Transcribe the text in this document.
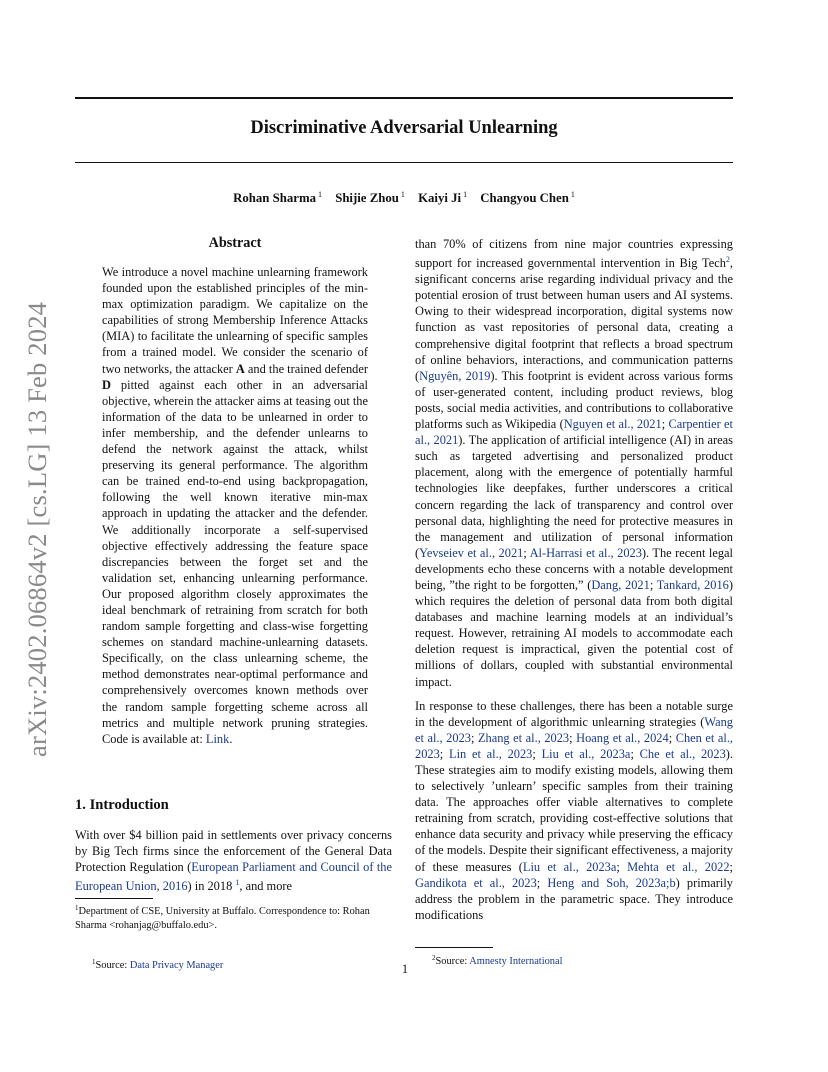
arXiv:2402.06864v2 [cs.LG] 13 Feb 2024
Discriminative Adversarial Unlearning
Rohan Sharma $^1$ Shijie Zhou $^1$ Kaiyi Ji $^1$ Changyou Chen $^1$
Abstract

We introduce a novel machine unlearning framework founded upon the established principles of the min-max optimization paradigm. We capitalize on the capabilities of strong Membership Inference Attacks (MIA) to facilitate the unlearning of specific samples from a trained model. We consider the scenario of two networks, the attacker A and the trained defender D pitted against each other in an adversarial objective, wherein the attacker aims at teasing out the information of the data to be unlearned in order to infer membership, and the defender unlearns to defend the network against the attack, whilst preserving its general performance. The algorithm can be trained end-to-end using backpropagation, following the well known iterative min-max approach in updating the attacker and the defender. We additionally incorporate a self-supervised objective effectively addressing the feature space discrepancies between the forget set and the validation set, enhancing unlearning performance. Our proposed algorithm closely approximates the ideal benchmark of retraining from scratch for both random sample forgetting and class-wise forgetting schemes on standard machine-unlearning datasets. Specifically, on the class unlearning scheme, the method demonstrates near-optimal performance and comprehensively overcomes known methods over the random sample forgetting scheme across all metrics and multiple network pruning strategies. Code is available at: Link.

1. Introduction

With over $4 billion paid in settlements over privacy concerns by Big Tech firms since the enforcement of the General Data Protection Regulation (European Parliament and Council of the European Union, 2016) in 2018 $^1$, and more

than 70% of citizens from nine major countries expressing support for increased governmental intervention in Big Tech$^2$, significant concerns arise regarding individual privacy and the potential erosion of trust between human users and AI systems. Owing to their widespread incorporation, digital systems now function as vast repositories of personal data, creating a comprehensive digital footprint that reflects a broad spectrum of online behaviors, interactions, and communication patterns (Nguyên, 2019). This footprint is evident across various forms of user-generated content, including product reviews, blog posts, social media activities, and contributions to collaborative platforms such as Wikipedia (Nguyen et al., 2021; Carpentier et al., 2021). The application of artificial intelligence (AI) in areas such as targeted advertising and personalized product placement, along with the emergence of potentially harmful technologies like deepfakes, further underscores a critical concern regarding the lack of transparency and control over personal data, highlighting the need for protective measures in the management and utilization of personal information (Yevseiev et al., 2021; Al-Harrasi et al., 2023). The recent legal developments echo these concerns with a notable development being, ”the right to be forgotten,” (Dang, 2021; Tankard, 2016) which requires the deletion of personal data from both digital databases and machine learning models at an individual’s request. However, retraining AI models to accommodate each deletion request is impractical, given the potential cost of millions of dollars, coupled with substantial environmental impact.

In response to these challenges, there has been a notable surge in the development of algorithmic unlearning strategies (Wang et al., 2023; Zhang et al., 2023; Hoang et al., 2024; Chen et al., 2023; Lin et al., 2023; Liu et al., 2023a; Che et al., 2023). These strategies aim to modify existing models, allowing them to selectively ’unlearn’ specific samples from their training data. The approaches offer viable alternatives to complete retraining from scratch, providing cost-effective solutions that enhance data security and privacy while preserving the efficacy of the models. Despite their significant effectiveness, a majority of these measures (Liu et al., 2023a; Mehta et al., 2022; Gandikota et al., 2023; Heng and Soh, 2023a;b) primarily address the problem in the parametric space. They introduce modifications

$^1$Department of CSE, University at Buffalo. Correspondence to: Rohan Sharma <rohanjag@buffalo.edu>.
$^1$Source: Data Privacy Manager
$^2$Source: Amnesty International
1
